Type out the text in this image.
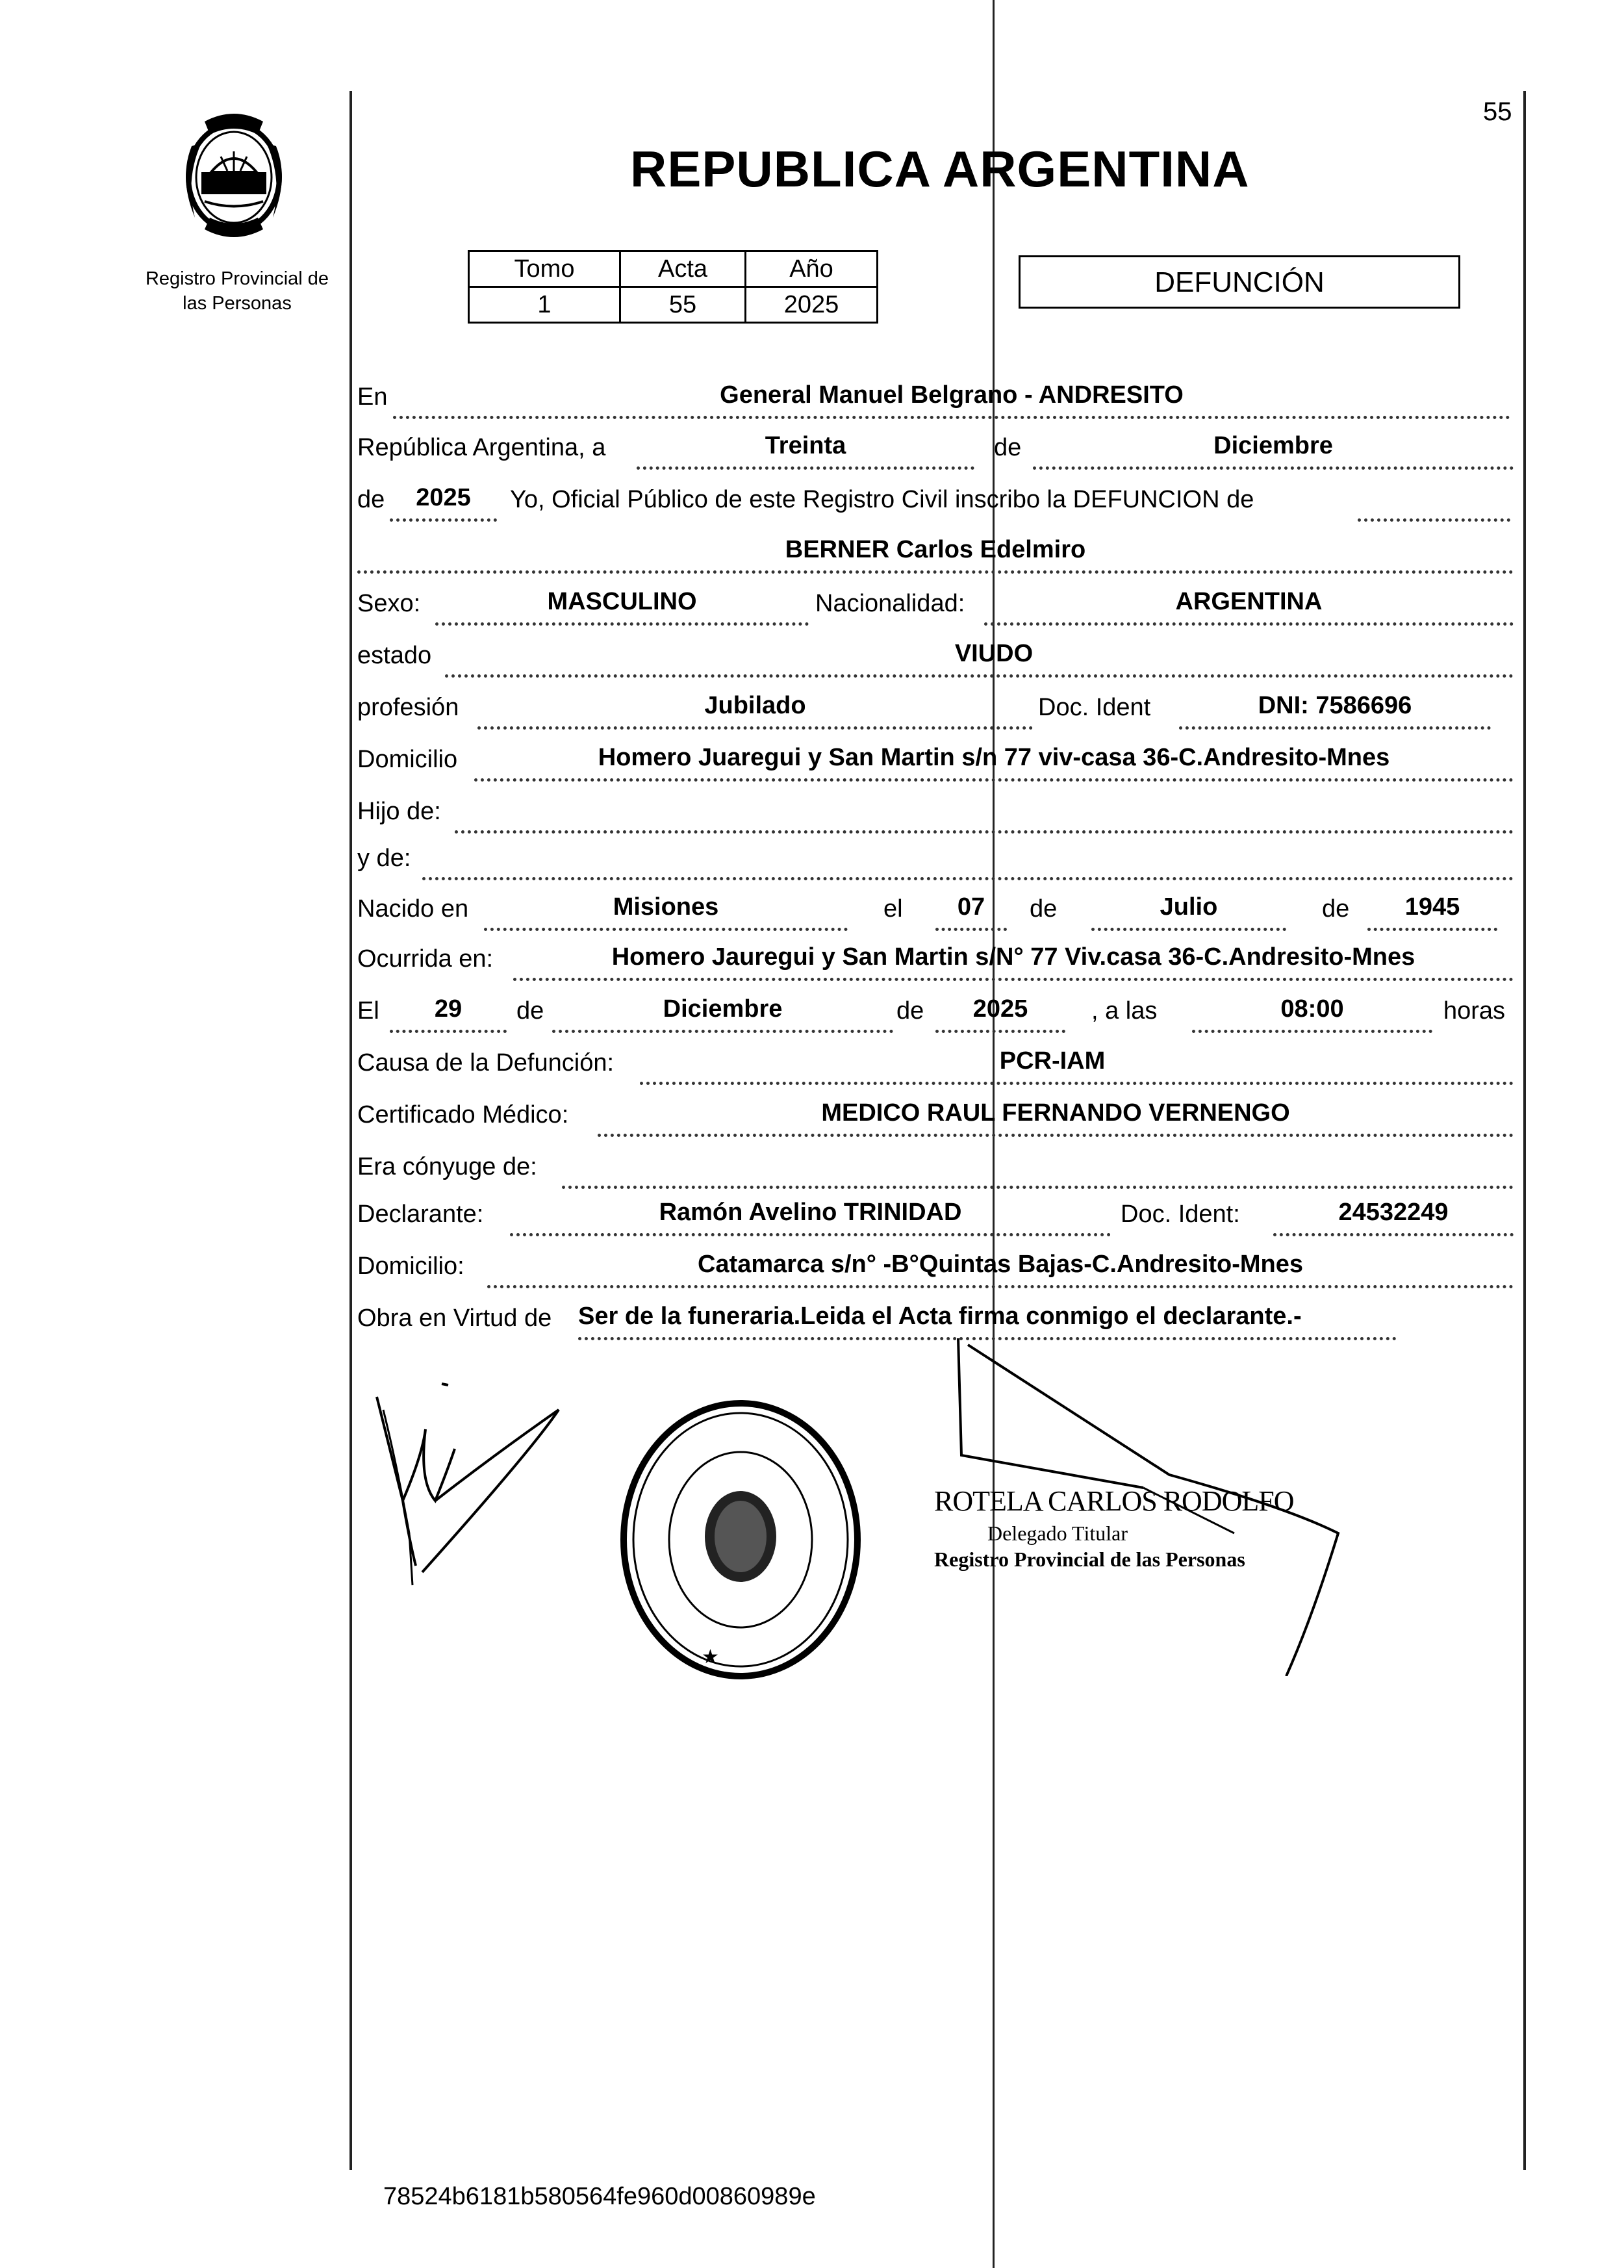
55
REPUBLICA ARGENTINA
Registro Provincial de
las Personas
Tomo	Acta	Año
1	55	2025
DEFUNCIÓN
En	General Manuel Belgrano - ANDRESITO
República Argentina, a	Treinta	de	Diciembre
de	2025	Yo, Oficial Público de este Registro Civil inscribo la DEFUNCION de
BERNER Carlos Edelmiro
Sexo:	MASCULINO	Nacionalidad:	ARGENTINA
estado	VIUDO
profesión	Jubilado	Doc. Ident	DNI: 7586696
Domicilio	Homero Juaregui y San Martin s/n 77 viv-casa 36-C.Andresito-Mnes
Hijo de:
y de:
Nacido en	Misiones	el	07	de	Julio	de	1945
Ocurrida en:	Homero Jauregui y San Martin s/N° 77 Viv.casa 36-C.Andresito-Mnes
El	29	de	Diciembre	de	2025	, a las	08:00	horas
Causa de la Defunción:	PCR-IAM
Certificado Médico:	MEDICO RAUL FERNANDO VERNENGO
Era cónyuge de:
Declarante:	Ramón Avelino TRINIDAD	Doc. Ident:	24532249
Domicilio:	Catamarca s/n° -B°Quintas Bajas-C.Andresito-Mnes
Obra en Virtud de Ser de la funeraria.Leida el Acta firma conmigo el declarante.-
★
ROTELA CARLOS RODOLFO
Delegado Titular
Registro Provincial de las Personas
78524b6181b580564fe960d00860989e
